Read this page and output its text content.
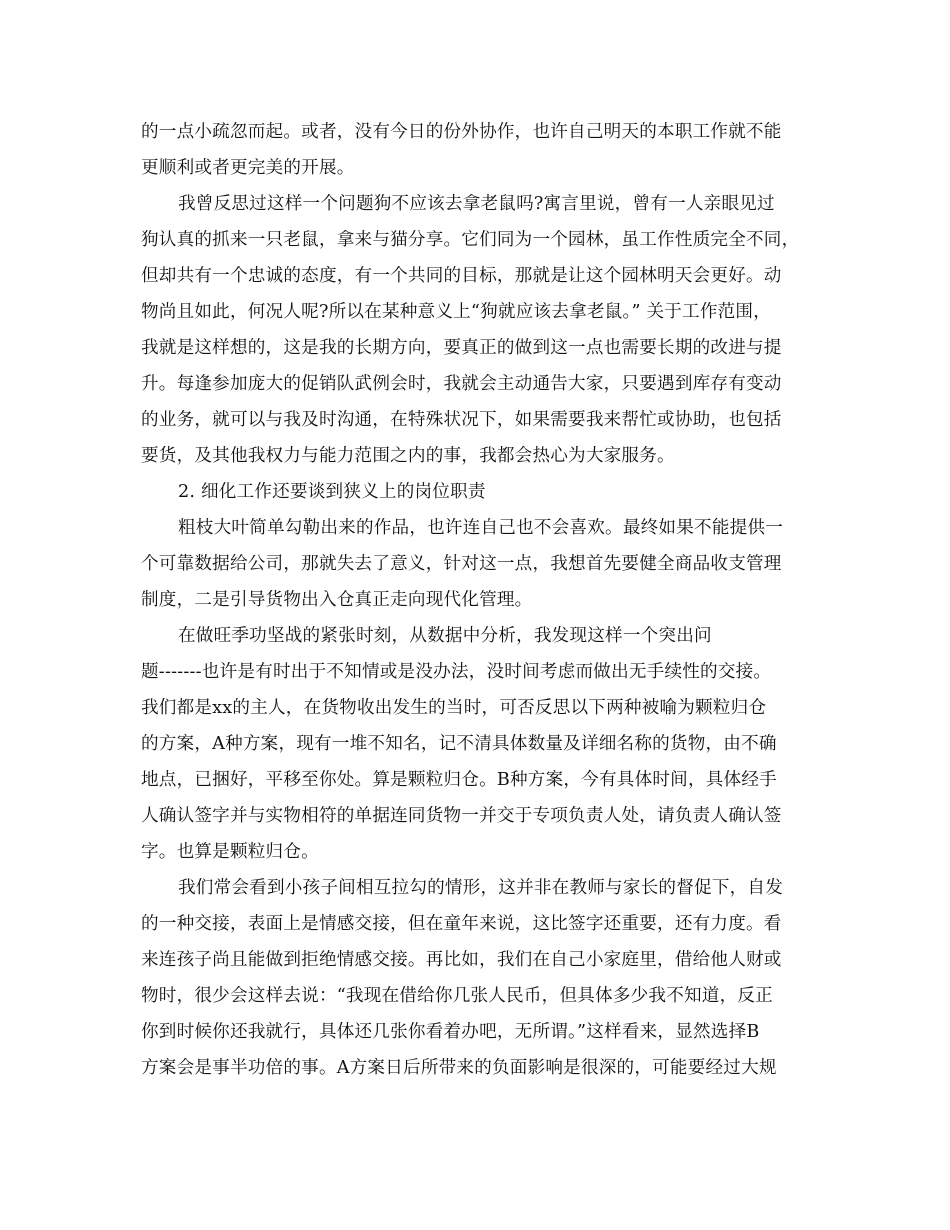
的一点小疏忽而起。或者，没有今日的份外协作，也许自己明天的本职工作就不能
更顺利或者更完美的开展。
我曾反思过这样一个问题狗不应该去拿老鼠吗?寓言里说，曾有一人亲眼见过
狗认真的抓来一只老鼠，拿来与猫分享。它们同为一个园林，虽工作性质完全不同，
但却共有一个忠诚的态度，有一个共同的目标，那就是让这个园林明天会更好。动
物尚且如此，何况人呢?所以在某种意义上“狗就应该去拿老鼠。” 关于工作范围，
我就是这样想的，这是我的长期方向，要真正的做到这一点也需要长期的改进与提
升。每逢参加庞大的促销队武例会时，我就会主动通告大家，只要遇到库存有变动
的业务，就可以与我及时沟通，在特殊状况下，如果需要我来帮忙或协助，也包括
要货，及其他我权力与能力范围之内的事，我都会热心为大家服务。
2. 细化工作还要谈到狭义上的岗位职责
粗枝大叶简单勾勒出来的作品，也许连自己也不会喜欢。最终如果不能提供一
个可靠数据给公司，那就失去了意义，针对这一点，我想首先要健全商品收支管理
制度，二是引导货物出入仓真正走向现代化管理。
在做旺季功坚战的紧张时刻，从数据中分析，我发现这样一个突出问
题-------也许是有时出于不知情或是没办法，没时间考虑而做出无手续性的交接。
我们都是xx的主人，在货物收出发生的当时，可否反思以下两种被喻为颗粒归仓
的方案，A种方案，现有一堆不知名，记不清具体数量及详细名称的货物，由不确
地点，已捆好，平移至你处。算是颗粒归仓。B种方案，今有具体时间，具体经手
人确认签字并与实物相符的单据连同货物一并交于专项负责人处，请负责人确认签
字。也算是颗粒归仓。
我们常会看到小孩子间相互拉勾的情形，这并非在教师与家长的督促下，自发
的一种交接，表面上是情感交接，但在童年来说，这比签字还重要，还有力度。看
来连孩子尚且能做到拒绝情感交接。再比如，我们在自己小家庭里，借给他人财或
物时，很少会这样去说：“我现在借给你几张人民币，但具体多少我不知道，反正
你到时候你还我就行，具体还几张你看着办吧，无所谓。”这样看来，显然选择B
方案会是事半功倍的事。A方案日后所带来的负面影响是很深的，可能要经过大规
